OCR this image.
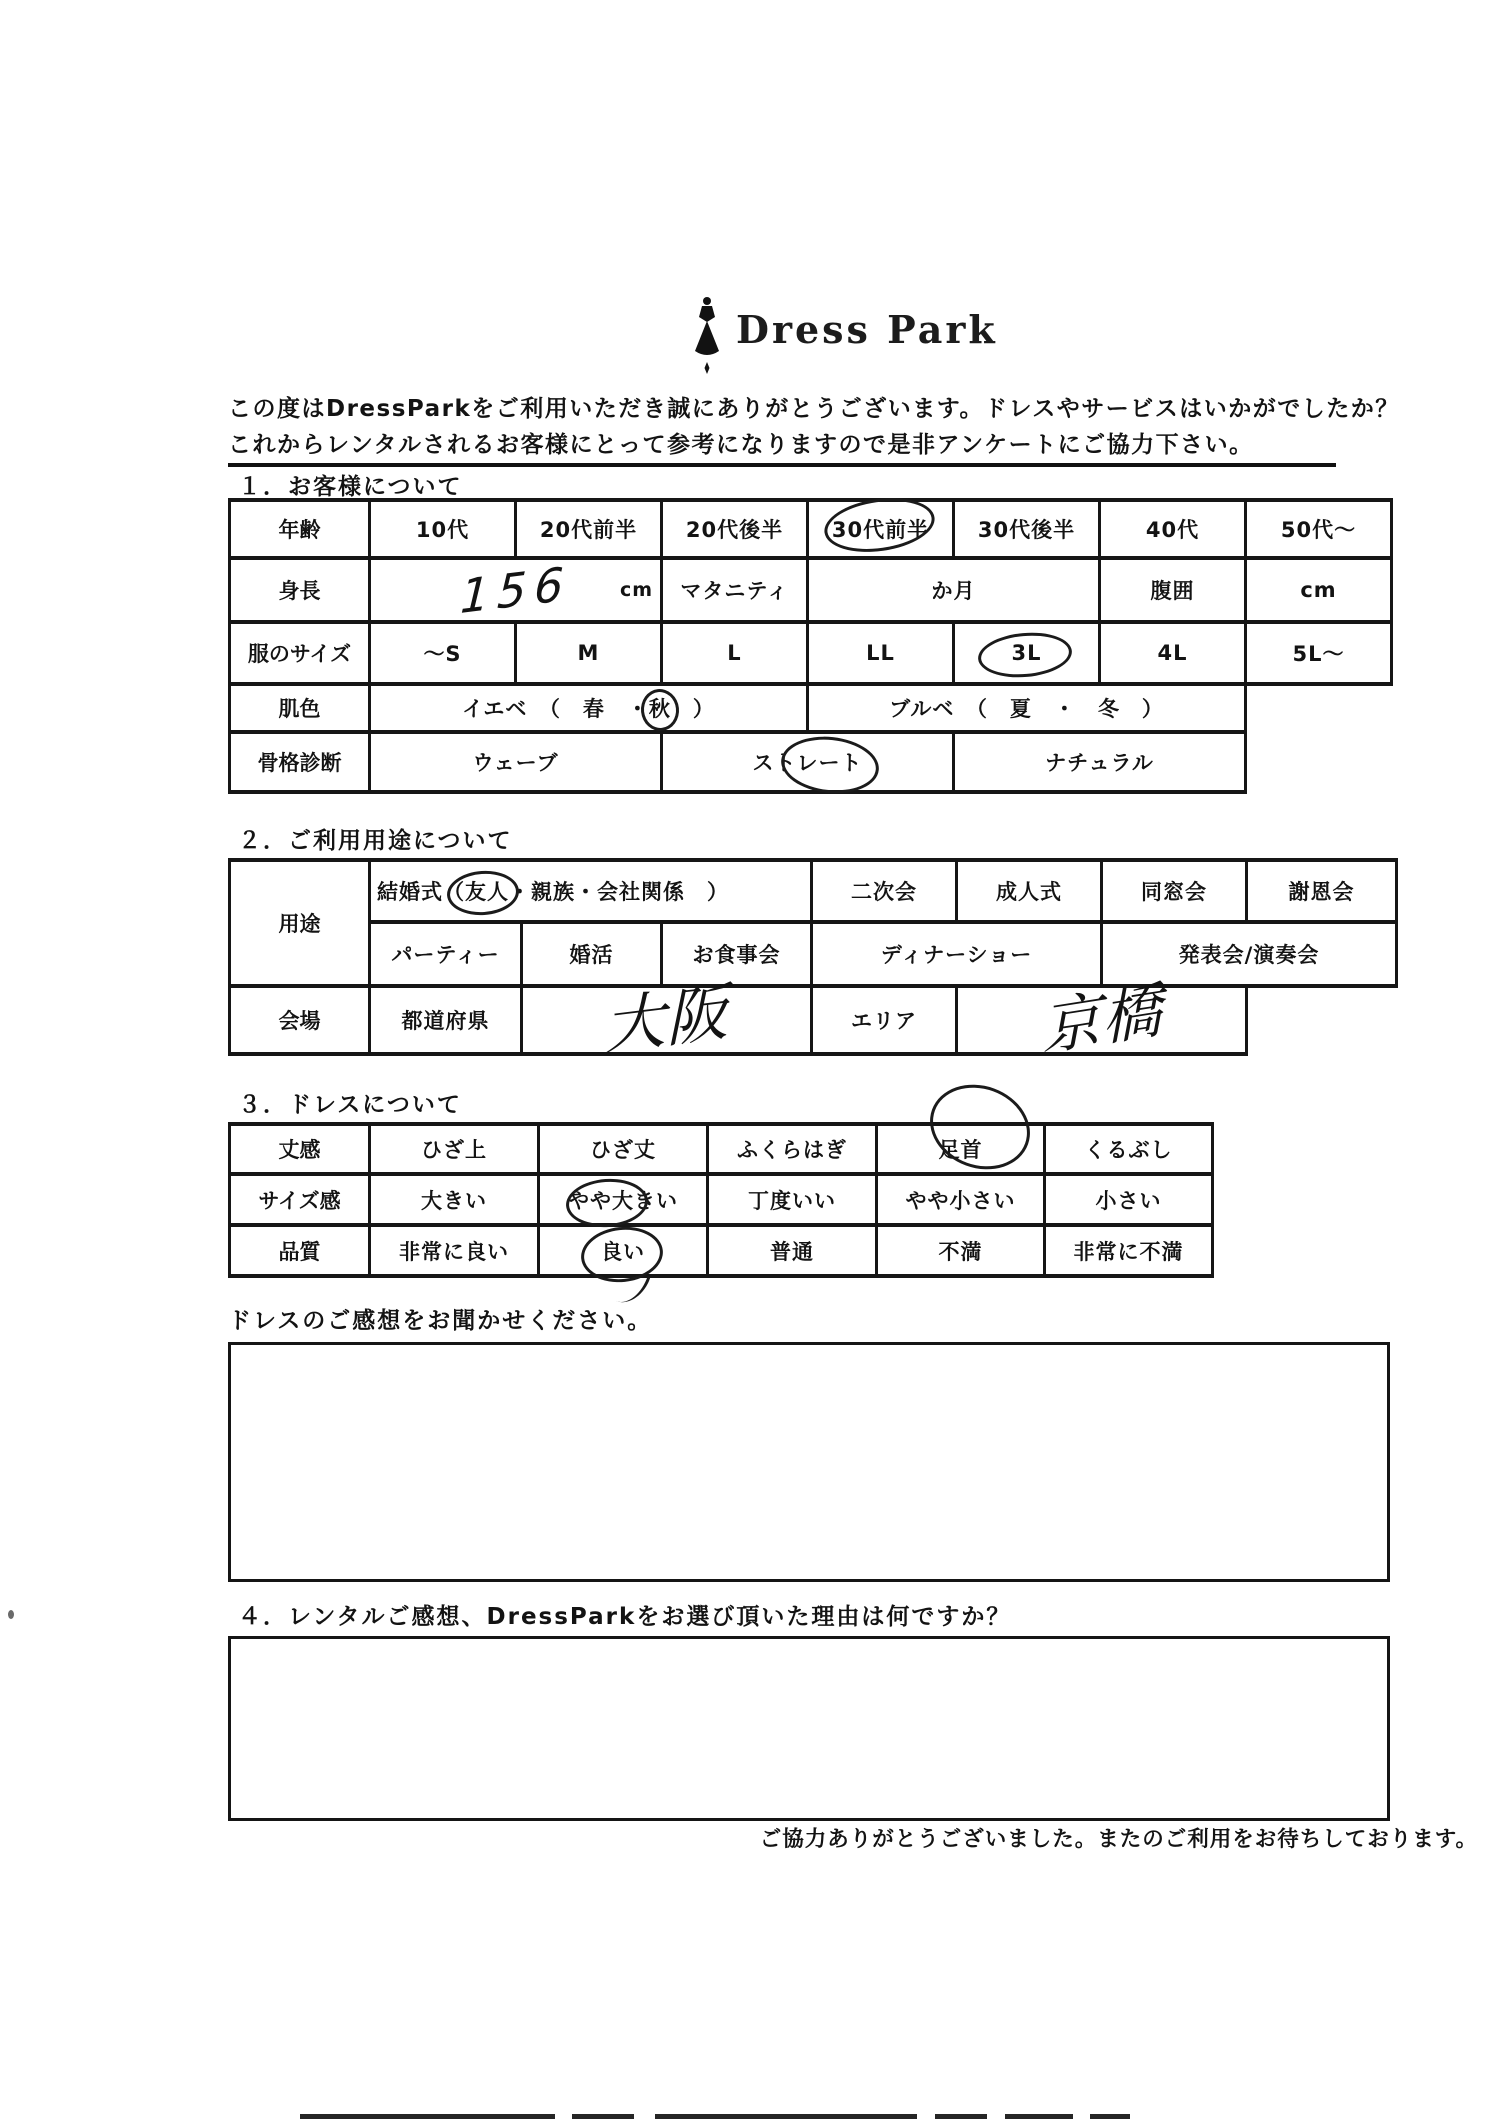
Dress Park
この度はDressParkをご利用いただき誠にありがとうございます。ドレスやサービスはいかがでしたか？
これからレンタルされるお客様にとって参考になりますので是非アンケートにご協力下さい。
１．お客様について
年齢	10代	20代前半	20代後半	30代前半	30代後半	40代	50代～
身長	156 cm		マタニティ	か月		腹囲	cm
服のサイズ	～S	M	L	LL	3L	4L	5L～
肌色	イエベ　（　春　・秋　）			ブルベ　（　夏　・　冬　）			
骨格診断	ウェーブ		ストレート		ナチュラル		
２．ご利用用途について
用途	結婚式（友人・親族・会社関係　）			二次会	成人式	同窓会	謝恩会
	パーティー	婚活	お食事会	ディナーショー		発表会/演奏会	
会場	都道府県	大阪		エリア	京橋		
３．ドレスについて
丈感	ひざ上	ひざ丈	ふくらはぎ	足首	くるぶし
サイズ感	大きい	やや大きい	丁度いい	やや小さい	小さい
品質	非常に良い	良い	普通	不満	非常に不満
ドレスのご感想をお聞かせください。
４．レンタルご感想、DressParkをお選び頂いた理由は何ですか？
ご協力ありがとうございました。またのご利用をお待ちしております。
